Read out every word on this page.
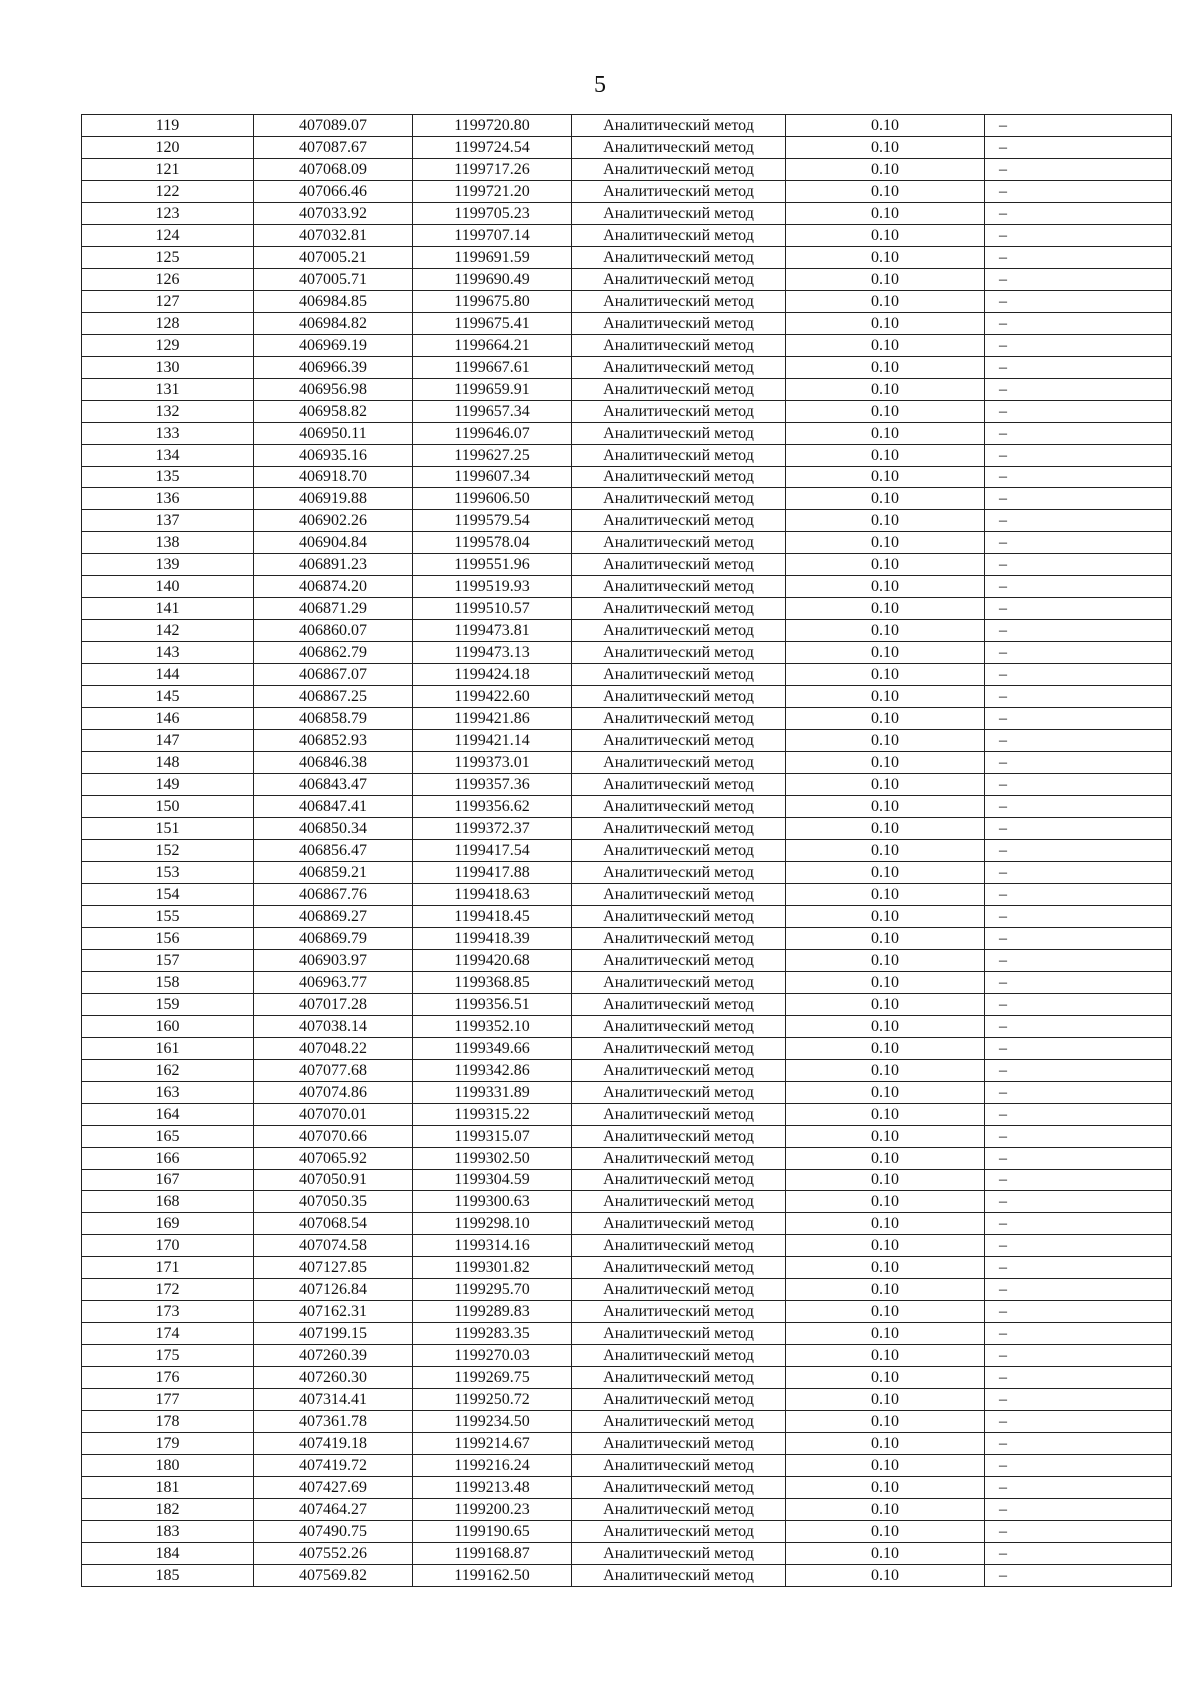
5
119	407089.07	1199720.80	Аналитический метод	0.10	–
120	407087.67	1199724.54	Аналитический метод	0.10	–
121	407068.09	1199717.26	Аналитический метод	0.10	–
122	407066.46	1199721.20	Аналитический метод	0.10	–
123	407033.92	1199705.23	Аналитический метод	0.10	–
124	407032.81	1199707.14	Аналитический метод	0.10	–
125	407005.21	1199691.59	Аналитический метод	0.10	–
126	407005.71	1199690.49	Аналитический метод	0.10	–
127	406984.85	1199675.80	Аналитический метод	0.10	–
128	406984.82	1199675.41	Аналитический метод	0.10	–
129	406969.19	1199664.21	Аналитический метод	0.10	–
130	406966.39	1199667.61	Аналитический метод	0.10	–
131	406956.98	1199659.91	Аналитический метод	0.10	–
132	406958.82	1199657.34	Аналитический метод	0.10	–
133	406950.11	1199646.07	Аналитический метод	0.10	–
134	406935.16	1199627.25	Аналитический метод	0.10	–
135	406918.70	1199607.34	Аналитический метод	0.10	–
136	406919.88	1199606.50	Аналитический метод	0.10	–
137	406902.26	1199579.54	Аналитический метод	0.10	–
138	406904.84	1199578.04	Аналитический метод	0.10	–
139	406891.23	1199551.96	Аналитический метод	0.10	–
140	406874.20	1199519.93	Аналитический метод	0.10	–
141	406871.29	1199510.57	Аналитический метод	0.10	–
142	406860.07	1199473.81	Аналитический метод	0.10	–
143	406862.79	1199473.13	Аналитический метод	0.10	–
144	406867.07	1199424.18	Аналитический метод	0.10	–
145	406867.25	1199422.60	Аналитический метод	0.10	–
146	406858.79	1199421.86	Аналитический метод	0.10	–
147	406852.93	1199421.14	Аналитический метод	0.10	–
148	406846.38	1199373.01	Аналитический метод	0.10	–
149	406843.47	1199357.36	Аналитический метод	0.10	–
150	406847.41	1199356.62	Аналитический метод	0.10	–
151	406850.34	1199372.37	Аналитический метод	0.10	–
152	406856.47	1199417.54	Аналитический метод	0.10	–
153	406859.21	1199417.88	Аналитический метод	0.10	–
154	406867.76	1199418.63	Аналитический метод	0.10	–
155	406869.27	1199418.45	Аналитический метод	0.10	–
156	406869.79	1199418.39	Аналитический метод	0.10	–
157	406903.97	1199420.68	Аналитический метод	0.10	–
158	406963.77	1199368.85	Аналитический метод	0.10	–
159	407017.28	1199356.51	Аналитический метод	0.10	–
160	407038.14	1199352.10	Аналитический метод	0.10	–
161	407048.22	1199349.66	Аналитический метод	0.10	–
162	407077.68	1199342.86	Аналитический метод	0.10	–
163	407074.86	1199331.89	Аналитический метод	0.10	–
164	407070.01	1199315.22	Аналитический метод	0.10	–
165	407070.66	1199315.07	Аналитический метод	0.10	–
166	407065.92	1199302.50	Аналитический метод	0.10	–
167	407050.91	1199304.59	Аналитический метод	0.10	–
168	407050.35	1199300.63	Аналитический метод	0.10	–
169	407068.54	1199298.10	Аналитический метод	0.10	–
170	407074.58	1199314.16	Аналитический метод	0.10	–
171	407127.85	1199301.82	Аналитический метод	0.10	–
172	407126.84	1199295.70	Аналитический метод	0.10	–
173	407162.31	1199289.83	Аналитический метод	0.10	–
174	407199.15	1199283.35	Аналитический метод	0.10	–
175	407260.39	1199270.03	Аналитический метод	0.10	–
176	407260.30	1199269.75	Аналитический метод	0.10	–
177	407314.41	1199250.72	Аналитический метод	0.10	–
178	407361.78	1199234.50	Аналитический метод	0.10	–
179	407419.18	1199214.67	Аналитический метод	0.10	–
180	407419.72	1199216.24	Аналитический метод	0.10	–
181	407427.69	1199213.48	Аналитический метод	0.10	–
182	407464.27	1199200.23	Аналитический метод	0.10	–
183	407490.75	1199190.65	Аналитический метод	0.10	–
184	407552.26	1199168.87	Аналитический метод	0.10	–
185	407569.82	1199162.50	Аналитический метод	0.10	–
